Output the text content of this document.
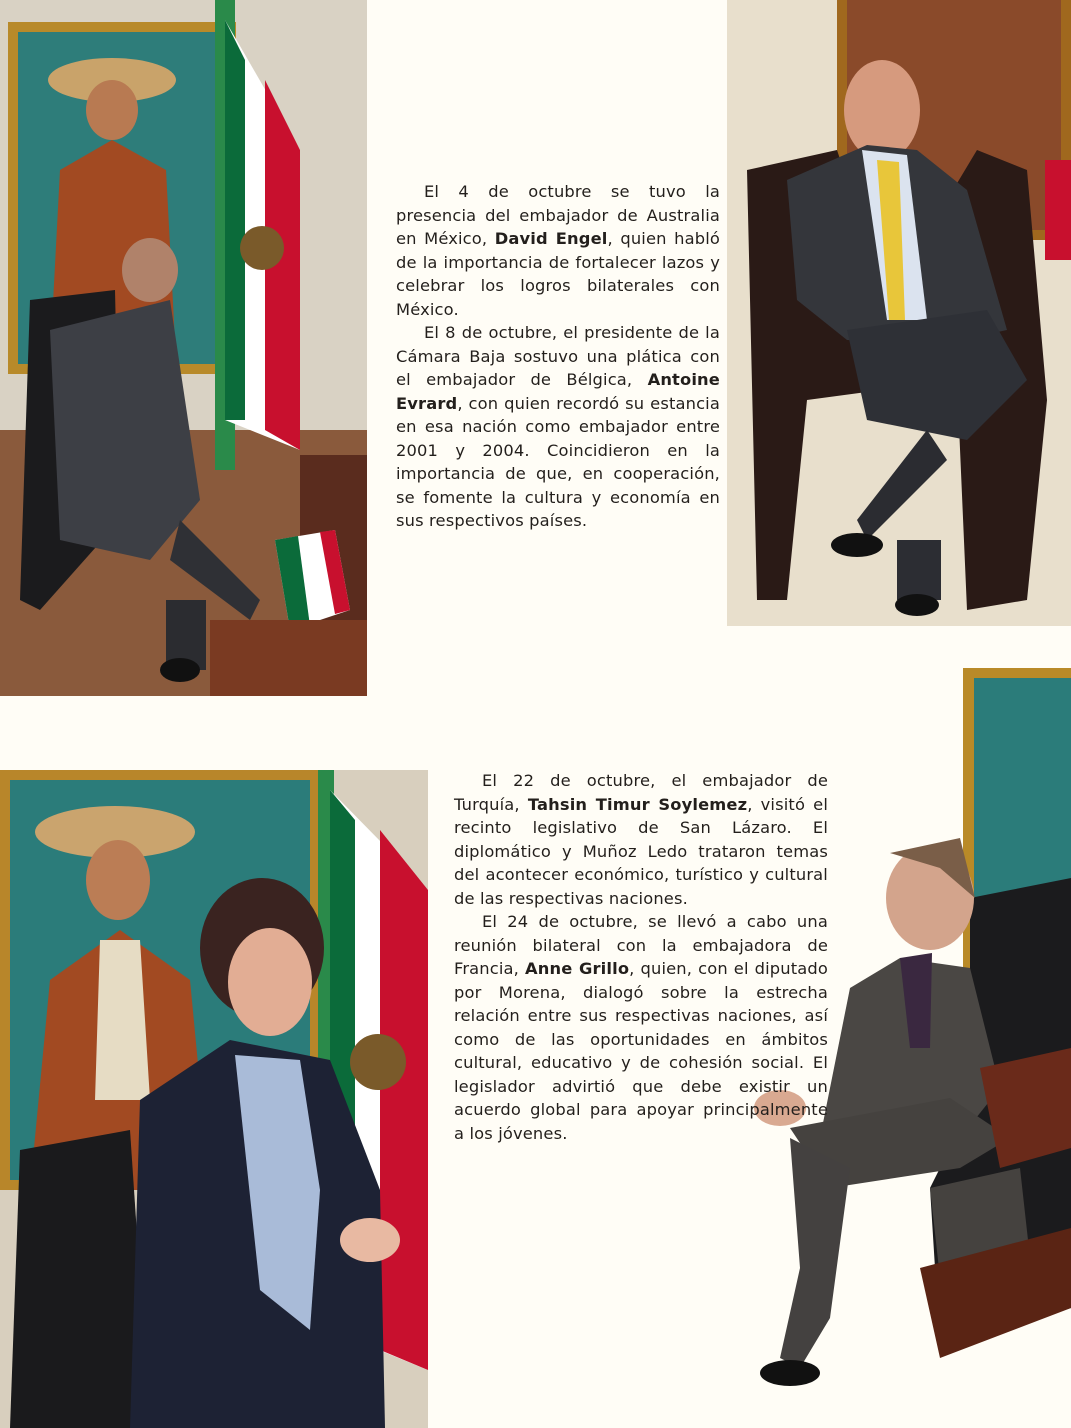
El 4 de octubre se tuvo la presencia del embajador de Australia en México, David Engel, quien habló de la importancia de fortalecer lazos y celebrar los logros bilaterales con México.

El 8 de octubre, el presidente de la Cámara Baja sostuvo una plática con el embajador de Bélgica, Antoine Evrard, con quien recordó su estancia en esa nación como embajador entre 2001 y 2004. Coincidieron en la importancia de que, en cooperación, se fomente la cultura y economía en sus respectivos países.

El 22 de octubre, el embajador de Turquía, Tahsin Timur Soylemez, visitó el recinto legislativo de San Lázaro. El diplomático y Muñoz Ledo trataron temas del acontecer económico, turístico y cultural de las respectivas naciones.

El 24 de octubre, se llevó a cabo una reunión bilateral con la embajadora de Francia, Anne Grillo, quien, con el diputado por Morena, dialogó sobre la estrecha relación entre sus respectivas naciones, así como de las oportunidades en ámbitos cultural, educativo y de cohesión social. El legislador advirtió que debe existir un acuerdo global para apoyar principalmente a los jóvenes.
